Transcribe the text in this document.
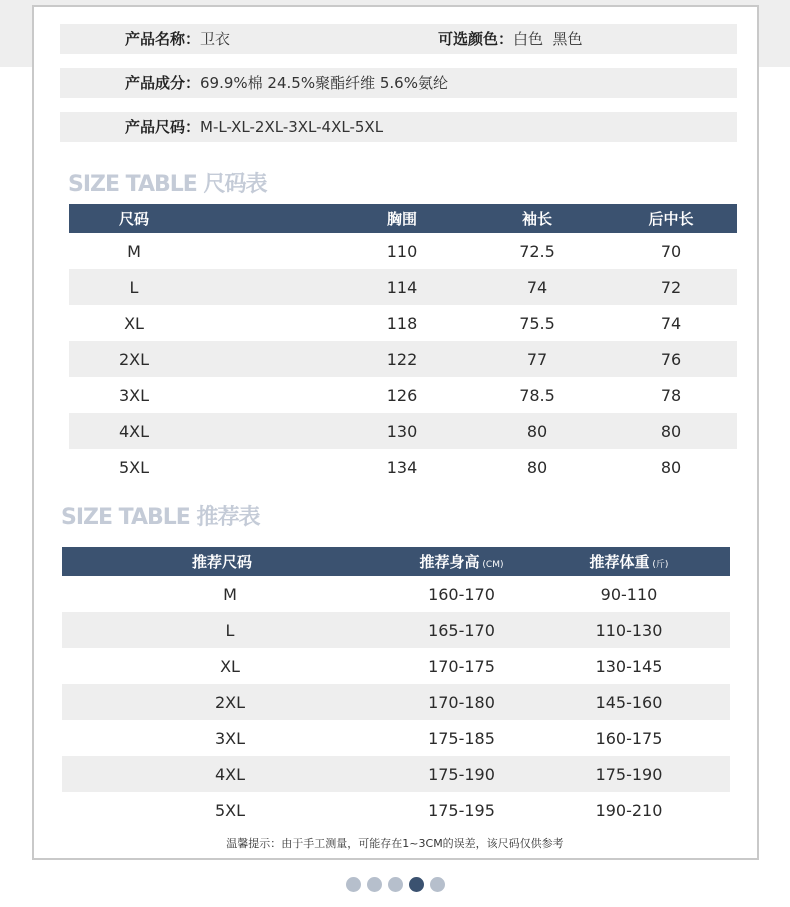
产品名称：卫衣	可选颜色：白色  黑色
产品成分：69.9%棉 24.5%聚酯纤维 5.6%氨纶
产品尺码：M-L-XL-2XL-3XL-4XL-5XL
SIZE TABLE 尺码表
尺码	胸围	袖长	后中长
M	110	72.5	70
L	114	74	72
XL	118	75.5	74
2XL	122	77	76
3XL	126	78.5	78
4XL	130	80	80
5XL	134	80	80
SIZE TABLE 推荐表
推荐尺码	推荐身高 (CM)	推荐体重 (斤)
M	160-170	90-110
L	165-170	110-130
XL	170-175	130-145
2XL	170-180	145-160
3XL	175-185	160-175
4XL	175-190	175-190
5XL	175-195	190-210
温馨提示：由于手工测量，可能存在1~3CM的误差，该尺码仅供参考
